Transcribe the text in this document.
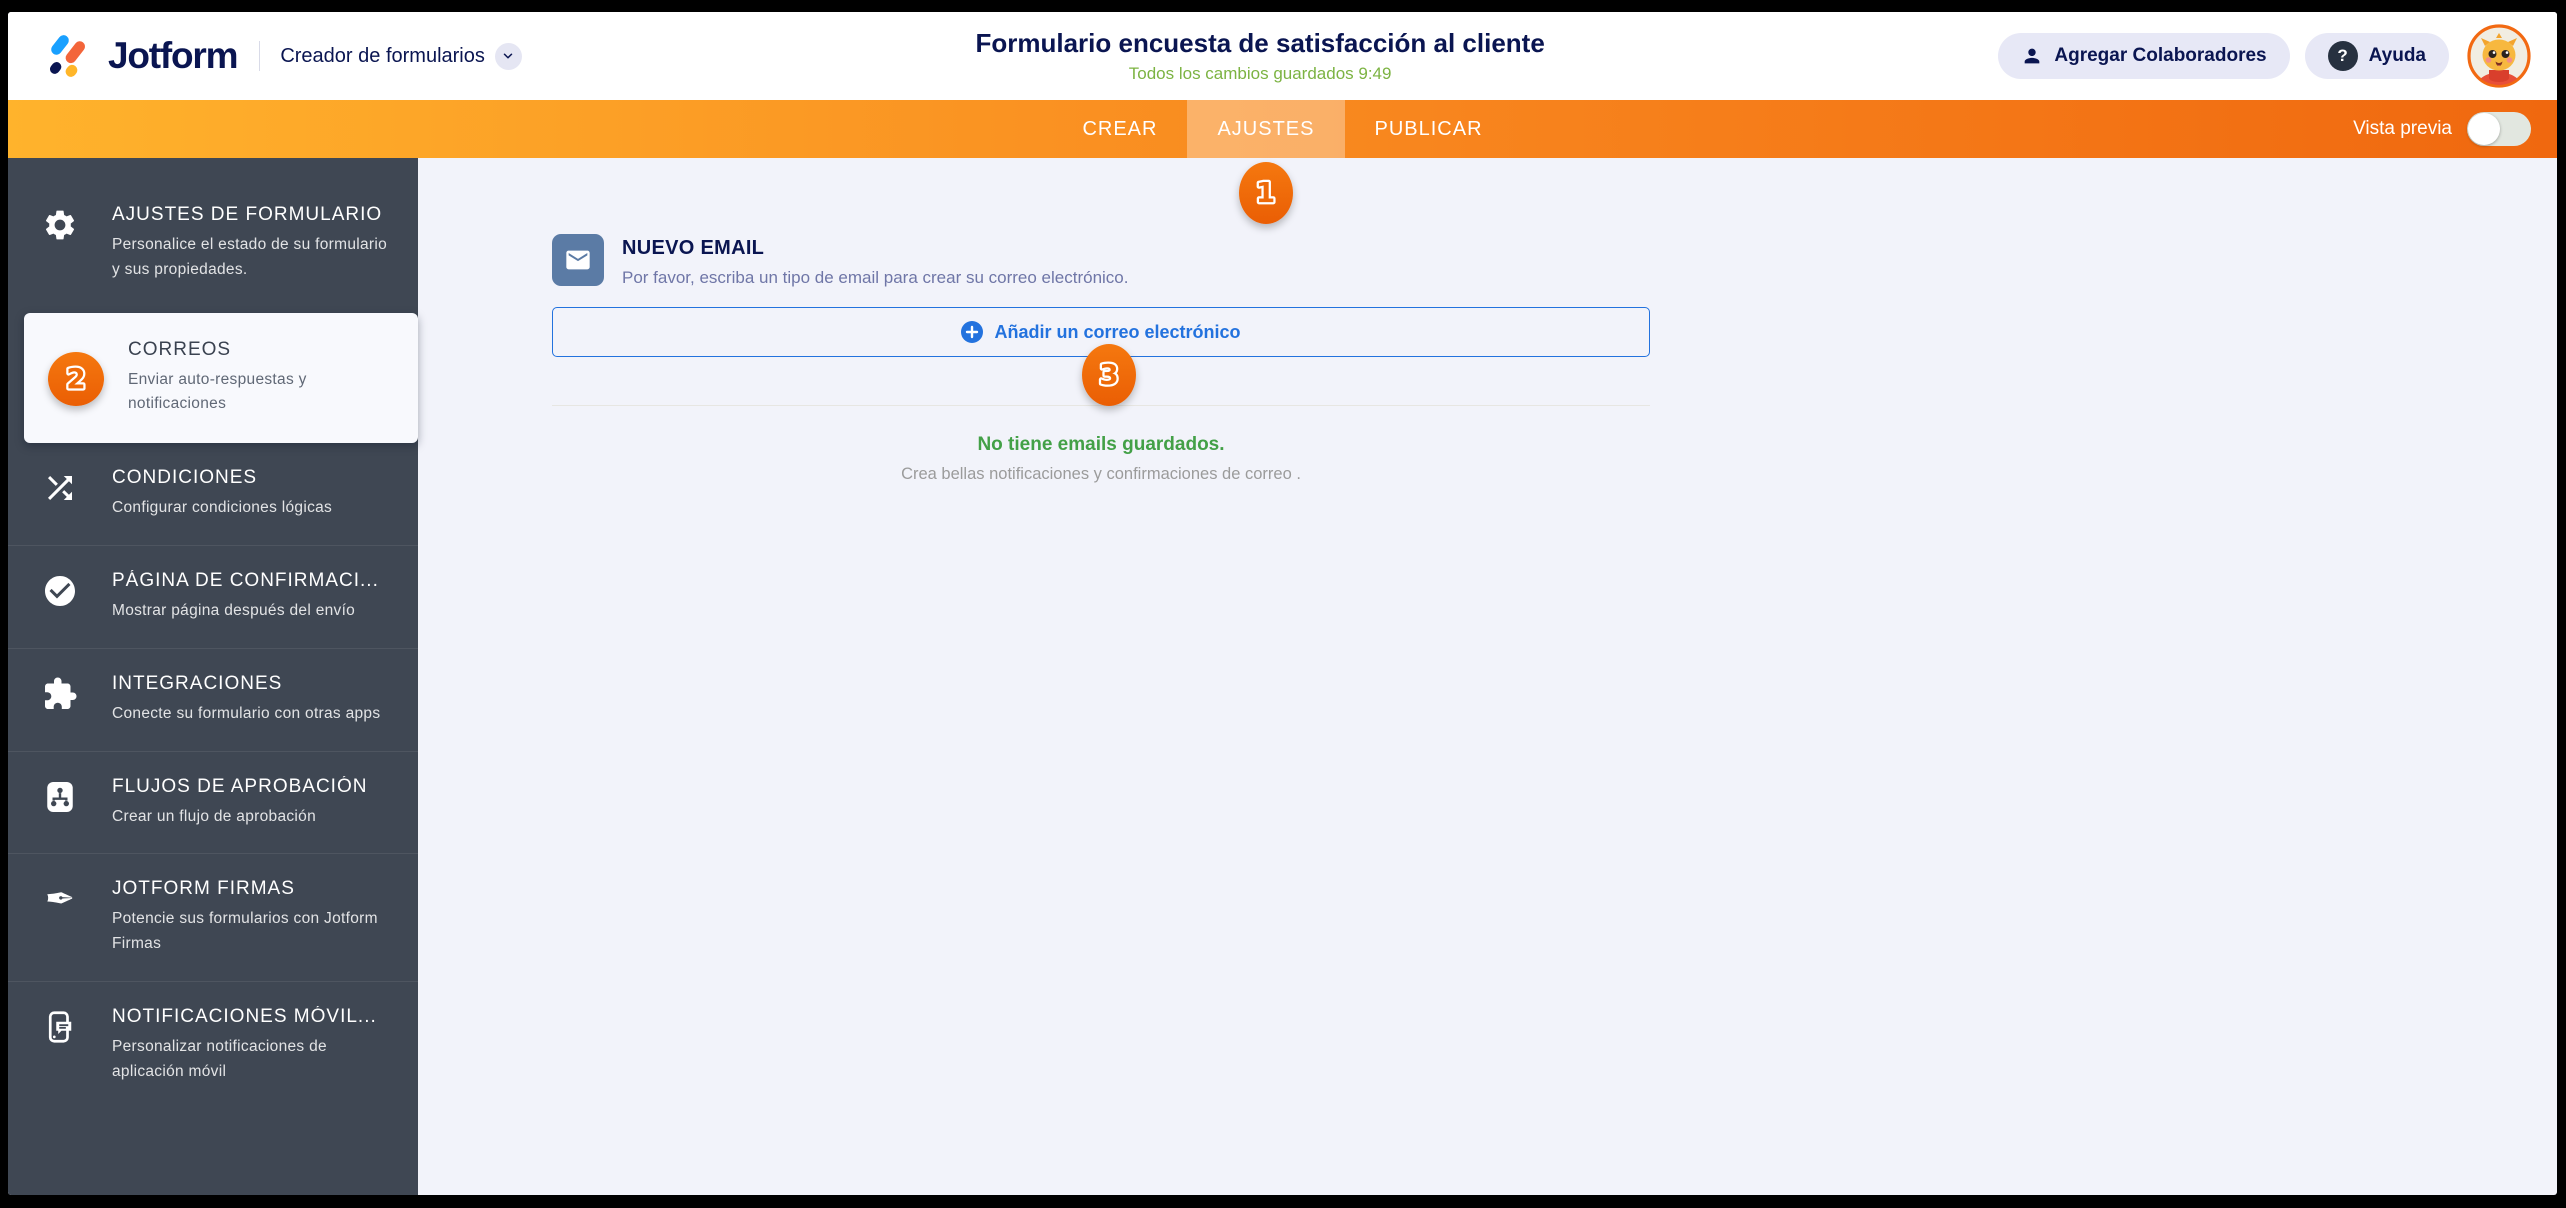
Jotform Creador de formularios	Formulario encuesta de satisfacción al cliente
Todos los cambios guardados 9:49
Agregar Colaboradores	?	Ayuda
CREAR	AJUSTES
1
PUBLICAR	Vista previa
AJUSTES DE FORMULARIO
Personalice el estado de su formulario y sus propiedades.
2
CORREOS
Enviar auto-respuestas y notificaciones
CONDICIONES
Configurar condiciones lógicas
PÁGINA DE CONFIRMACI...
Mostrar página después del envío
INTEGRACIONES
Conecte su formulario con otras apps
FLUJOS DE APROBACIÓN
Crear un flujo de aprobación
✒ JOTFORM FIRMAS
Potencie sus formularios con Jotform Firmas
NOTIFICACIONES MÓVIL...
Personalizar notificaciones de aplicación móvil
NUEVO EMAIL
Por favor, escriba un tipo de email para crear su correo electrónico.
Añadir un correo electrónico
3
No tiene emails guardados.
Crea bellas notificaciones y confirmaciones de correo .
